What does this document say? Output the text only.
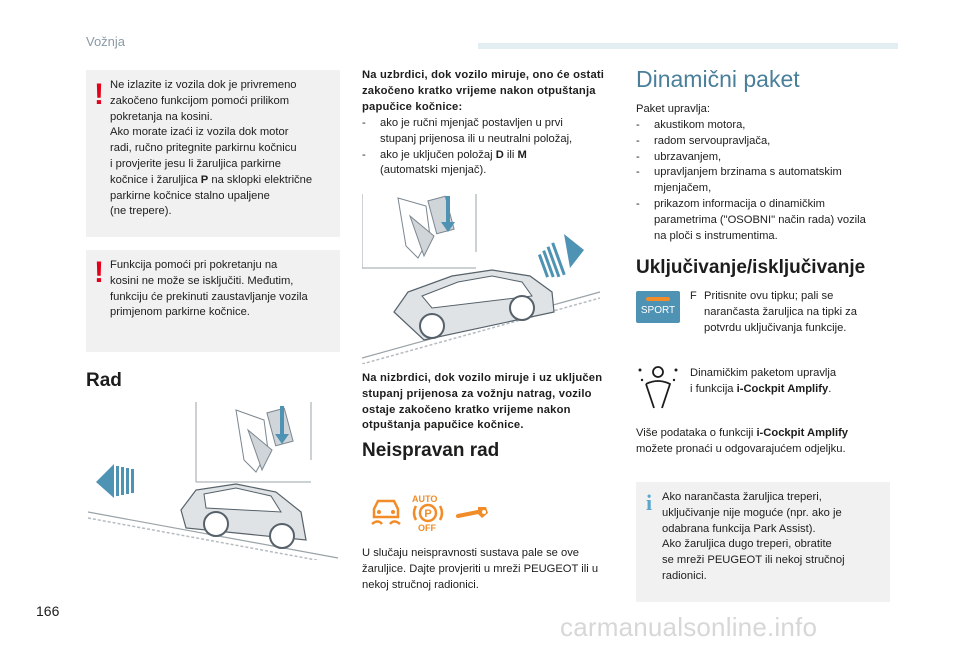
Vožnja
! Ne izlazite iz vozila dok je privremeno
zakočeno funkcijom pomoći prilikom
pokretanja na kosini.
Ako morate izaći iz vozila dok motor
radi, ručno pritegnite parkirnu kočnicu
i provjerite jesu li žaruljica parkirne
kočnice i žaruljica P na sklopki električne
parkirne kočnice stalno upaljene
(ne trepere).
! Funkcija pomoći pri pokretanju na
kosini ne može se isključiti. Međutim,
funkciju će prekinuti zaustavljanje vozila
primjenom parkirne kočnice.
Rad
Na uzbrdici, dok vozilo miruje, ono će ostati
zakočeno kratko vrijeme nakon otpuštanja
papučice kočnice:
- ako je ručni mjenjač postavljen u prvi
stupanj prijenosa ili u neutralni položaj,
- ako je uključen položaj D ili M
(automatski mjenjač).
Na nizbrdici, dok vozilo miruje i uz uključen
stupanj prijenosa za vožnju natrag, vozilo
ostaje zakočeno kratko vrijeme nakon
otpuštanja papučice kočnice.
Neispravan rad
AUTO
P
OFF
U slučaju neispravnosti sustava pale se ove
žaruljice. Dajte provjeriti u mreži PEUGEOT ili u
nekoj stručnoj radionici.
Dinamični paket
Paket upravlja:
- akustikom motora,
- radom servoupravljača,
- ubrzavanjem,
- upravljanjem brzinama s automatskim
mjenjačem,
- prikazom informacija o dinamičkim
parametrima ("OSOBNI" način rada) vozila
na ploči s instrumentima.
Uključivanje/isključivanje
SPORT
F Pritisnite ovu tipku; pali se
narančasta žaruljica na tipki za
potvrdu uključivanja funkcije.
Dinamičkim paketom upravlja
i funkcija i-Cockpit Amplify.
Više podataka o funkciji i-Cockpit Amplify
možete pronaći u odgovarajućem odjeljku.
i Ako narančasta žaruljica treperi,
uključivanje nije moguće (npr. ako je
odabrana funkcija Park Assist).
Ako žaruljica dugo treperi, obratite
se mreži PEUGEOT ili nekoj stručnoj
radionici.
166
carmanualsonline.info
